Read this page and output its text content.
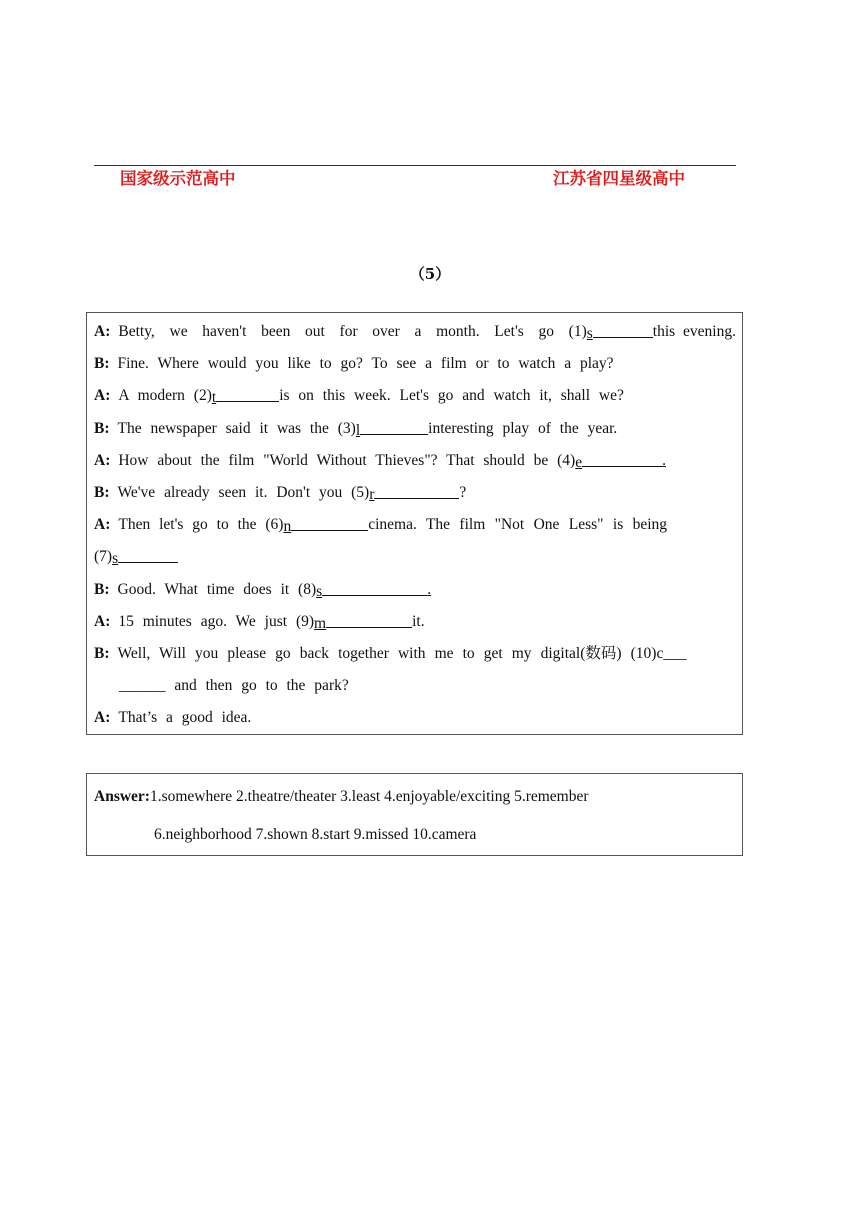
国家级示范高中	江苏省四星级高中
（5）
A: Betty, we haven't been out for over a month. Let's go (1) s	this evening.
B: Fine. Where would you like to go? To see a film or to watch a play?
A: A modern (2) t	is on this week. Let's go and watch it, shall we?
B: The newspaper said it was the (3) l	interesting play of the year.
A: How about the film "World Without Thieves"? That should be (4) e	.
B: We've already seen it. Don't you (5) r	?
A: Then let's go to the (6) n	cinema. The film "Not One Less" is being
(7) s
B: Good. What time does it (8) s	.
A: 15 minutes ago. We just (9) m	it.
B: Well, Will you please go back together with me to get my digital(数码) (10)c___
______ and then go to the park?
A: That’s a good idea.
Answer:1.somewhere 2.theatre/theater 3.least 4.enjoyable/exciting 5.remember
6.neighborhood 7.shown 8.start 9.missed 10.camera
